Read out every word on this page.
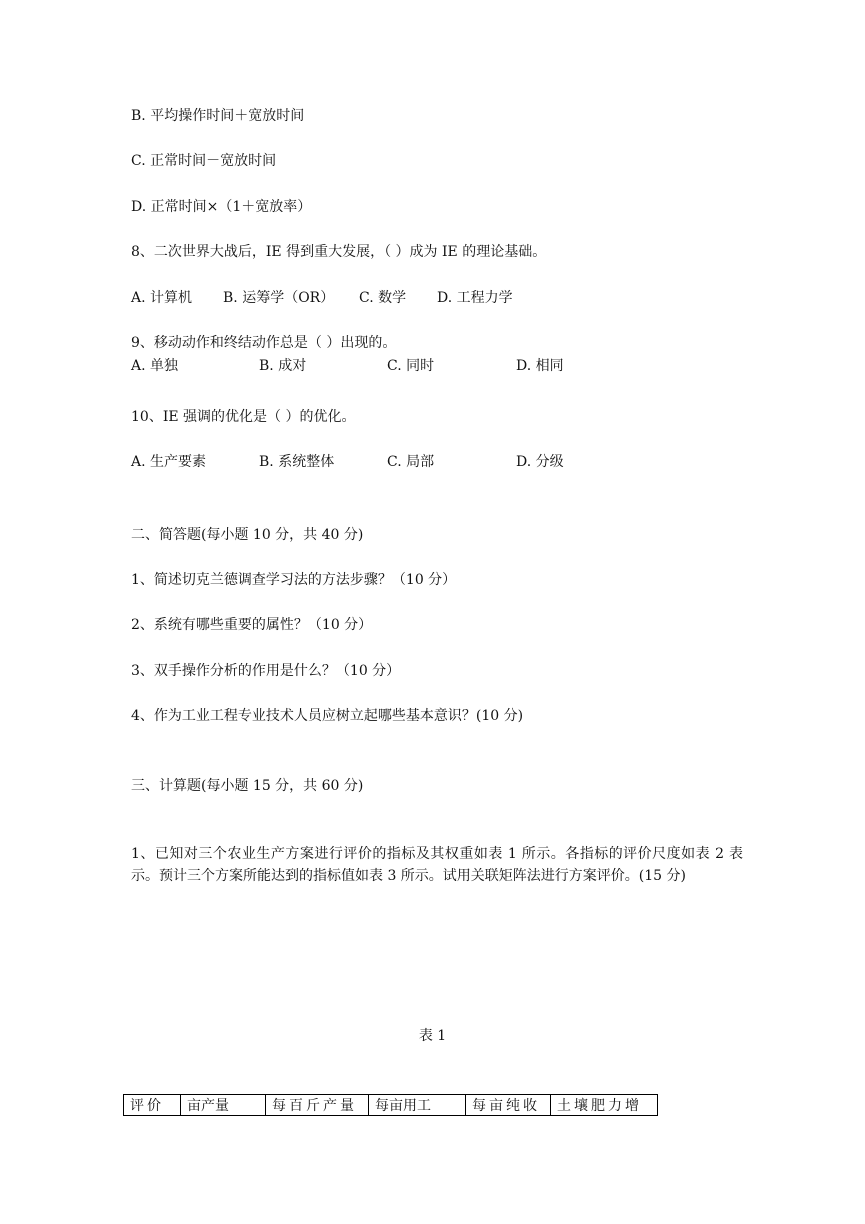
B. 平均操作时间＋宽放时间
C. 正常时间－宽放时间
D. 正常时间×（1＋宽放率）
8、二次世界大战后，IE 得到重大发展，（ ）成为 IE 的理论基础。
A. 计算机 B. 运筹学（OR） C. 数学 D. 工程力学
9、移动动作和终结动作总是（ ）出现的。
A. 单独	B. 成对	C. 同时	D. 相同
10、IE 强调的优化是（ ）的优化。
A. 生产要素	B. 系统整体	C. 局部	D. 分级
二、简答题(每小题 10 分，共 40 分)
1、简述切克兰德调查学习法的方法步骤？（10 分）
2、系统有哪些重要的属性？（10 分）
3、双手操作分析的作用是什么？（10 分）
4、作为工业工程专业技术人员应树立起哪些基本意识？(10 分)
三、计算题(每小题 15 分，共 60 分)
1、已知对三个农业生产方案进行评价的指标及其权重如表 1 所示。各指标的评价尺度如表 2 表示。预计三个方案所能达到的指标值如表 3 所示。试用关联矩阵法进行方案评价。(15 分)
表 1
评价	亩产量	每百斤产量	每亩用工	每亩纯收	土壤肥力增
